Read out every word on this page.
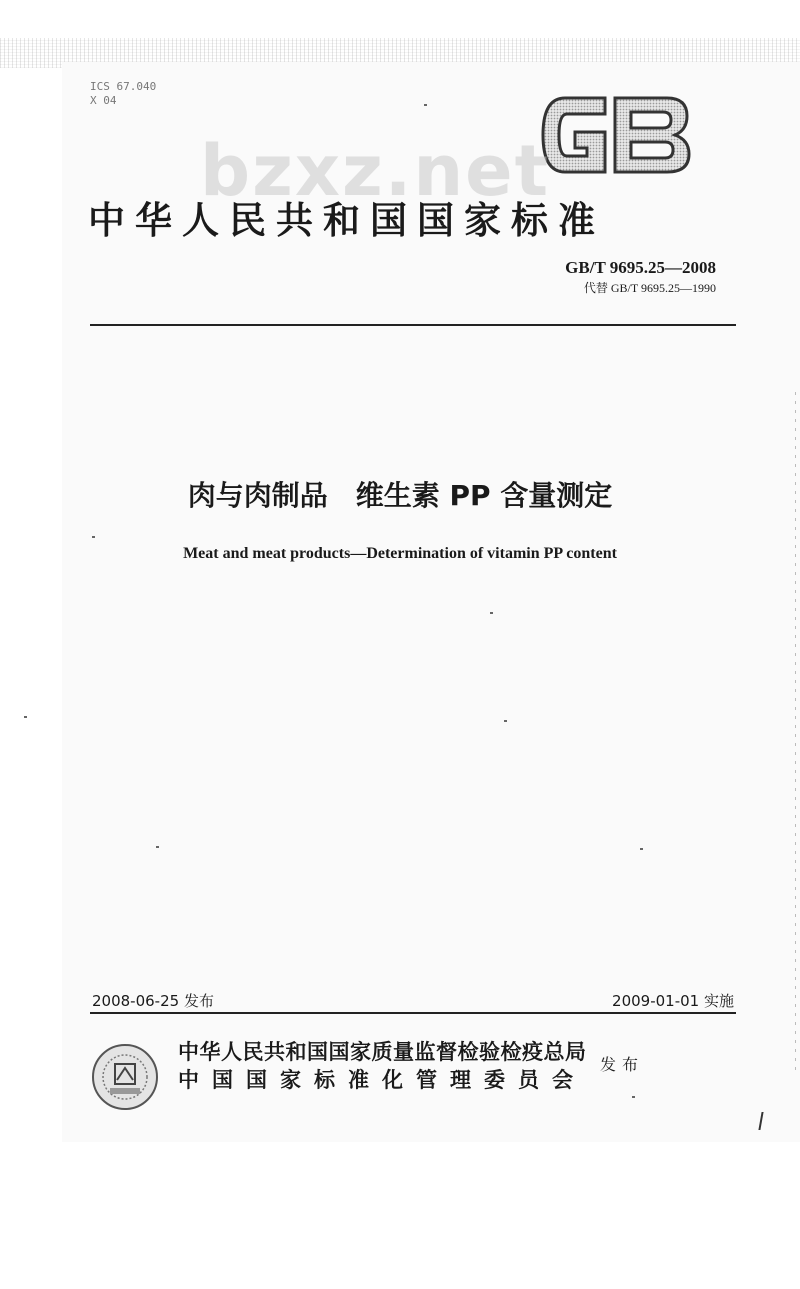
ICS 67.040
X 04
bzxz.net
中华人民共和国国家标准
GB/T 9695.25—2008
代替 GB/T 9695.25—1990
肉与肉制品　维生素 PP 含量测定
Meat and meat products—Determination of vitamin PP content
2008-06-25 发布	2009-01-01 实施
中华人民共和国国家质量监督检验检疫总局
中国国家标准化管理委员会
发布
